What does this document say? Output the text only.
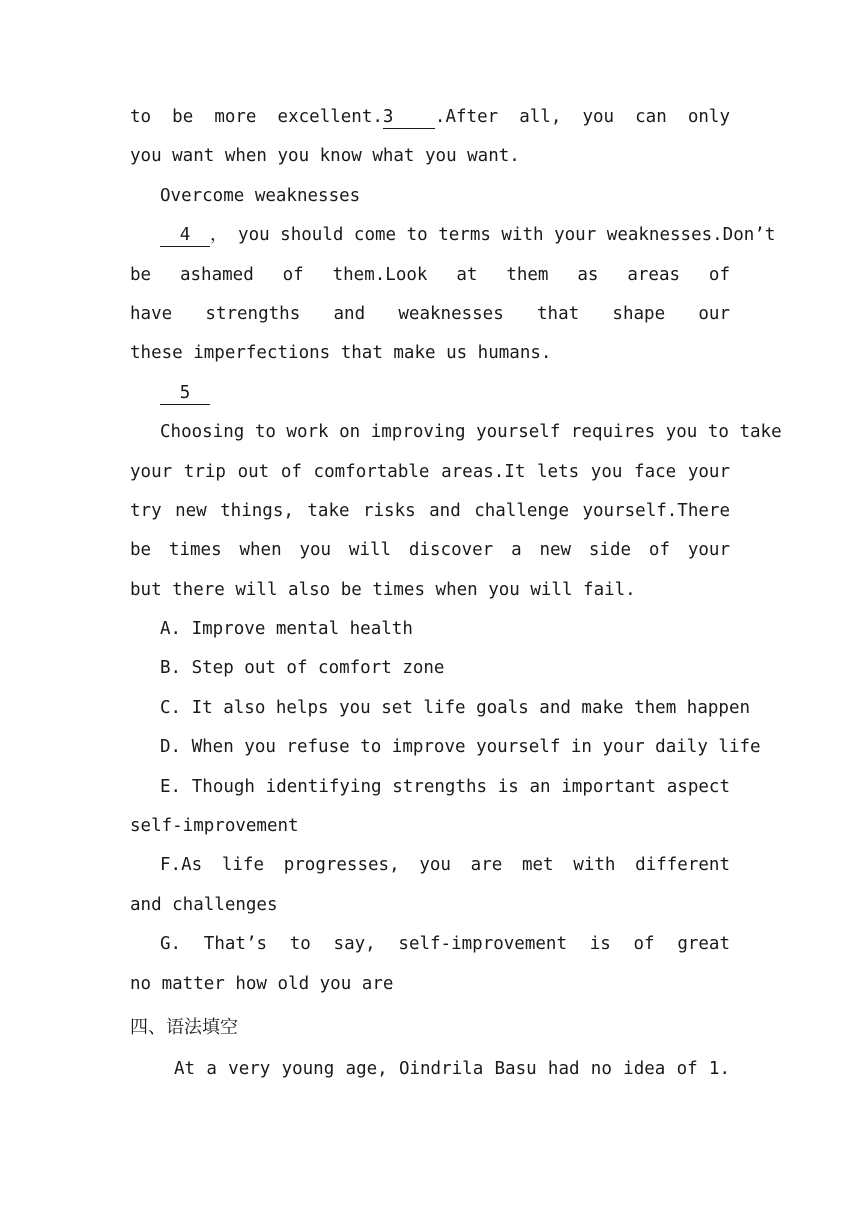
to be more excellent.3 .After all, you can only
you want when you know what you want.
Overcome weaknesses
4 ， you should come to terms with your weaknesses.Don’t
be ashamed of them.Look at them as areas of
have strengths and weaknesses that shape our
these imperfections that make us humans.
5
Choosing to work on improving yourself requires you to take
your trip out of comfortable areas.It lets you face your
try new things, take risks and challenge yourself.There
be times when you will discover a new side of your
but there will also be times when you will fail.
A. Improve mental health
B. Step out of comfort zone
C. It also helps you set life goals and make them happen
D. When you refuse to improve yourself in your daily life
E. Though identifying strengths is an important aspect
self-improvement
F.As life progresses, you are met with different
and challenges
G. That’s to say, self-improvement is of great
no matter how old you are
四、语法填空
At a very young age, Oindrila Basu had no idea of 1.
